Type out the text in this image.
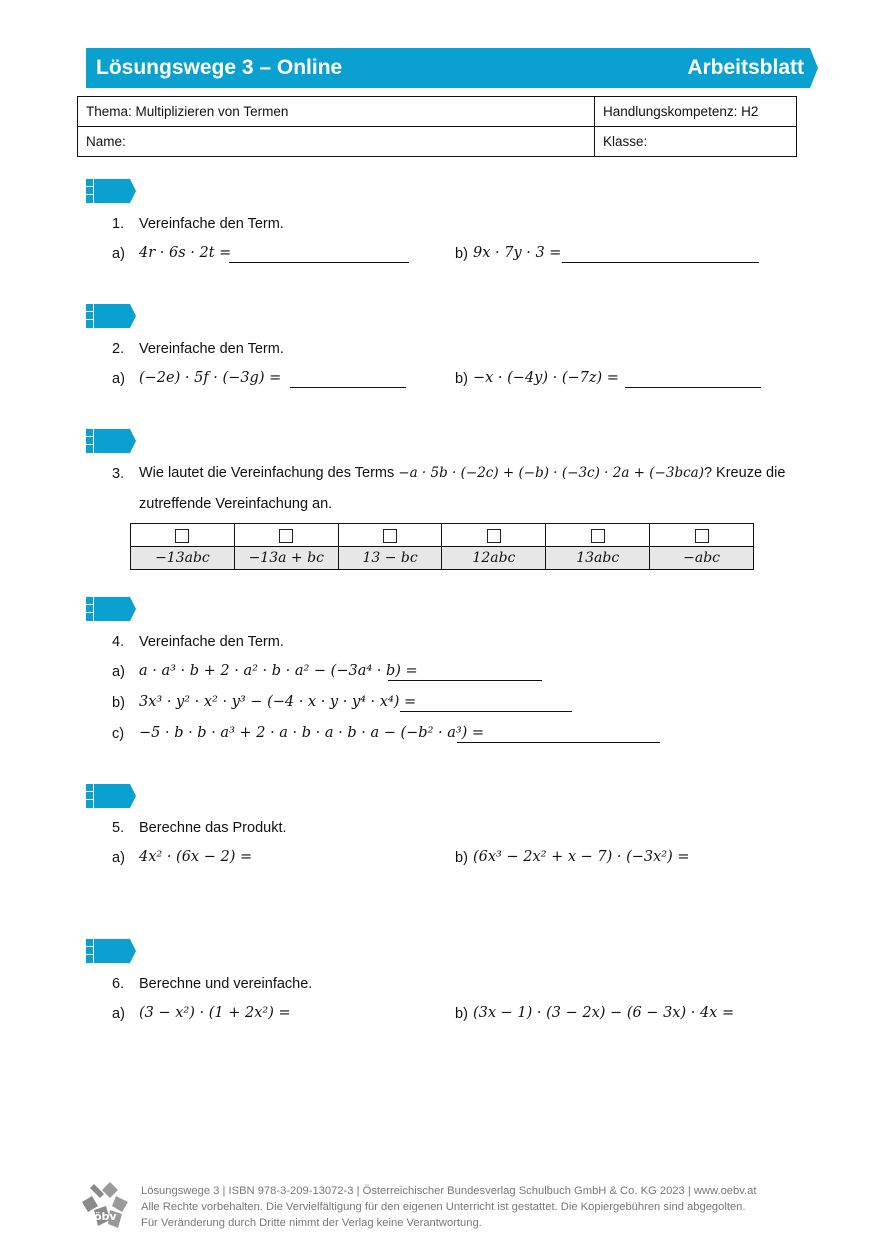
Lösungswege 3 – Online	Arbeitsblatt
Thema: Multiplizieren von Termen	Handlungskompetenz: H2
Name:	Klasse:
1. Vereinfache den Term.
a) 4r · 6s · 2t =	b) 9x · 7y · 3 =
2. Vereinfache den Term.
a) (−2e) · 5f · (−3g) =	b) −x · (−4y) · (−7z) =
3. Wie lautet die Vereinfachung des Terms −a · 5b · (−2c) + (−b) · (−3c) · 2a + (−3bca)? Kreuze die
zutreffende Vereinfachung an.

−13abc	−13a + bc	13 − bc	12abc	13abc	−abc
4. Vereinfache den Term.
a) a · a³ · b + 2 · a² · b · a² − (−3a⁴ · b) =
b) 3x³ · y² · x² · y³ − (−4 · x · y · y⁴ · x⁴) =
c) −5 · b · b · a³ + 2 · a · b · a · b · a − (−b² · a³) =
5. Berechne das Produkt.
a) 4x² · (6x − 2) =	b) (6x³ − 2x² + x − 7) · (−3x²) =
6. Berechne und vereinfache.
a) (3 − x²) · (1 + 2x²) =	b) (3x − 1) · (3 − 2x) − (6 − 3x) · 4x =
öbv
Lösungswege 3 | ISBN 978-3-209-13072-3 | Österreichischer Bundesverlag Schulbuch GmbH & Co. KG 2023 | www.oebv.at
Alle Rechte vorbehalten. Die Vervielfältigung für den eigenen Unterricht ist gestattet. Die Kopiergebühren sind abgegolten.
Für Veränderung durch Dritte nimmt der Verlag keine Verantwortung.
